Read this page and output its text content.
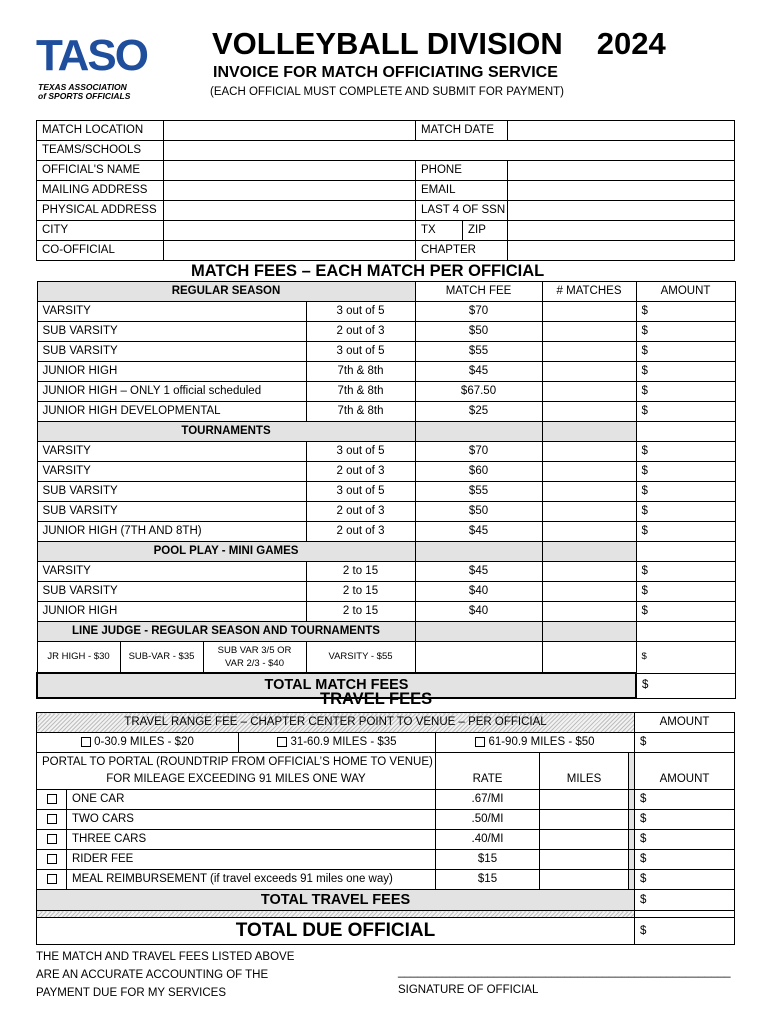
TASO
TEXAS ASSOCIATION
of SPORTS OFFICIALS
VOLLEYBALL DIVISION 2024
INVOICE FOR MATCH OFFICIATING SERVICE
(EACH OFFICIAL MUST COMPLETE AND SUBMIT FOR PAYMENT)
MATCH LOCATION		MATCH DATE		
TEAMS/SCHOOLS				
OFFICIAL'S NAME		PHONE		
MAILING ADDRESS		EMAIL		
PHYSICAL ADDRESS		LAST 4 OF SSN		
CITY		TX	ZIP	
CO-OFFICIAL		CHAPTER		
MATCH FEES – EACH MATCH PER OFFICIAL
REGULAR SEASON				MATCH FEE	# MATCHES	AMOUNT
VARSITY			3 out of 5	$70		$
SUB VARSITY			2 out of 3	$50		$
SUB VARSITY			3 out of 5	$55		$
JUNIOR HIGH			7th & 8th	$45		$
JUNIOR HIGH – ONLY 1 official scheduled			7th & 8th	$67.50		$
JUNIOR HIGH DEVELOPMENTAL			7th & 8th	$25		$
TOURNAMENTS						
VARSITY			3 out of 5	$70		$
VARSITY			2 out of 3	$60		$
SUB VARSITY			3 out of 5	$55		$
SUB VARSITY			2 out of 3	$50		$
JUNIOR HIGH (7TH AND 8TH)			2 out of 3	$45		$
POOL PLAY - MINI GAMES						
VARSITY			2 to 15	$45		$
SUB VARSITY			2 to 15	$40		$
JUNIOR HIGH			2 to 15	$40		$
LINE JUDGE - REGULAR SEASON AND TOURNAMENTS						
JR HIGH - $30	SUB-VAR - $35	SUB VAR 3/5 OR
VAR 2/3 - $40	VARSITY - $55			$
TOTAL MATCH FEES						$
TRAVEL FEES
TRAVEL RANGE FEE – CHAPTER CENTER POINT TO VENUE – PER OFFICIAL						AMOUNT
0-30.9 MILES - $20		31-60.9 MILES - $35	61-90.9 MILES - $50			$

PORTAL TO PORTAL (ROUNDTRIP FROM OFFICIAL’S HOME TO VENUE)
FOR MILEAGE EXCEEDING 91 MILES ONE WAY			RATE	MILES		AMOUNT
	ONE CAR		.67/MI			$
	TWO CARS		.50/MI			$
	THREE CARS		.40/MI			$
	RIDER FEE		$15			$
	MEAL REIMBURSEMENT (if travel exceeds 91 miles one way)		$15			$
TOTAL TRAVEL FEES						$

TOTAL DUE OFFICIAL						$
THE MATCH AND TRAVEL FEES LISTED ABOVE
ARE AN ACCURATE ACCOUNTING OF THE
PAYMENT DUE FOR MY SERVICES
____________________________________________________
SIGNATURE OF OFFICIAL
